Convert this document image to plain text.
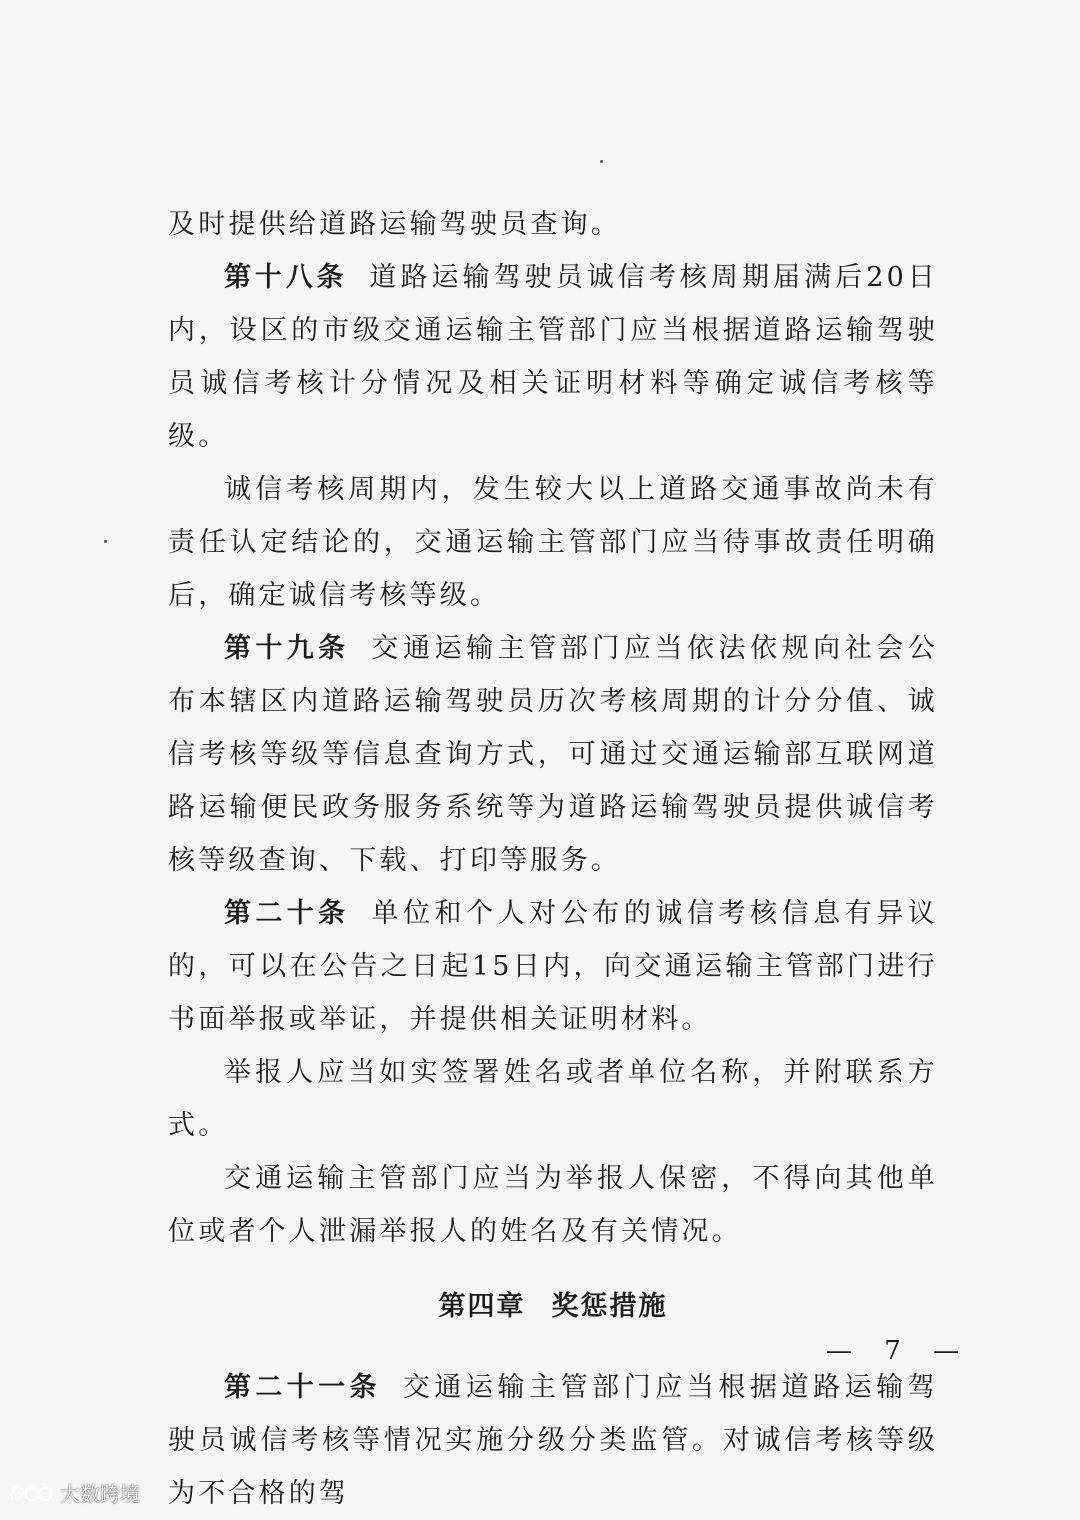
及时提供给道路运输驾驶员查询。

第十八条 道路运输驾驶员诚信考核周期届满后20日内，设区的市级交通运输主管部门应当根据道路运输驾驶员诚信考核计分情况及相关证明材料等确定诚信考核等级。

诚信考核周期内，发生较大以上道路交通事故尚未有责任认定结论的，交通运输主管部门应当待事故责任明确后，确定诚信考核等级。

第十九条 交通运输主管部门应当依法依规向社会公布本辖区内道路运输驾驶员历次考核周期的计分分值、诚信考核等级等信息查询方式，可通过交通运输部互联网道路运输便民政务服务系统等为道路运输驾驶员提供诚信考核等级查询、下载、打印等服务。

第二十条 单位和个人对公布的诚信考核信息有异议的，可以在公告之日起15日内，向交通运输主管部门进行书面举报或举证，并提供相关证明材料。

举报人应当如实签署姓名或者单位名称，并附联系方式。

交通运输主管部门应当为举报人保密，不得向其他单位或者个人泄漏举报人的姓名及有关情况。

第四章 奖惩措施

第二十一条 交通运输主管部门应当根据道路运输驾驶员诚信考核等情况实施分级分类监管。对诚信考核等级为不合格的驾

— 7 —
大数跨境
